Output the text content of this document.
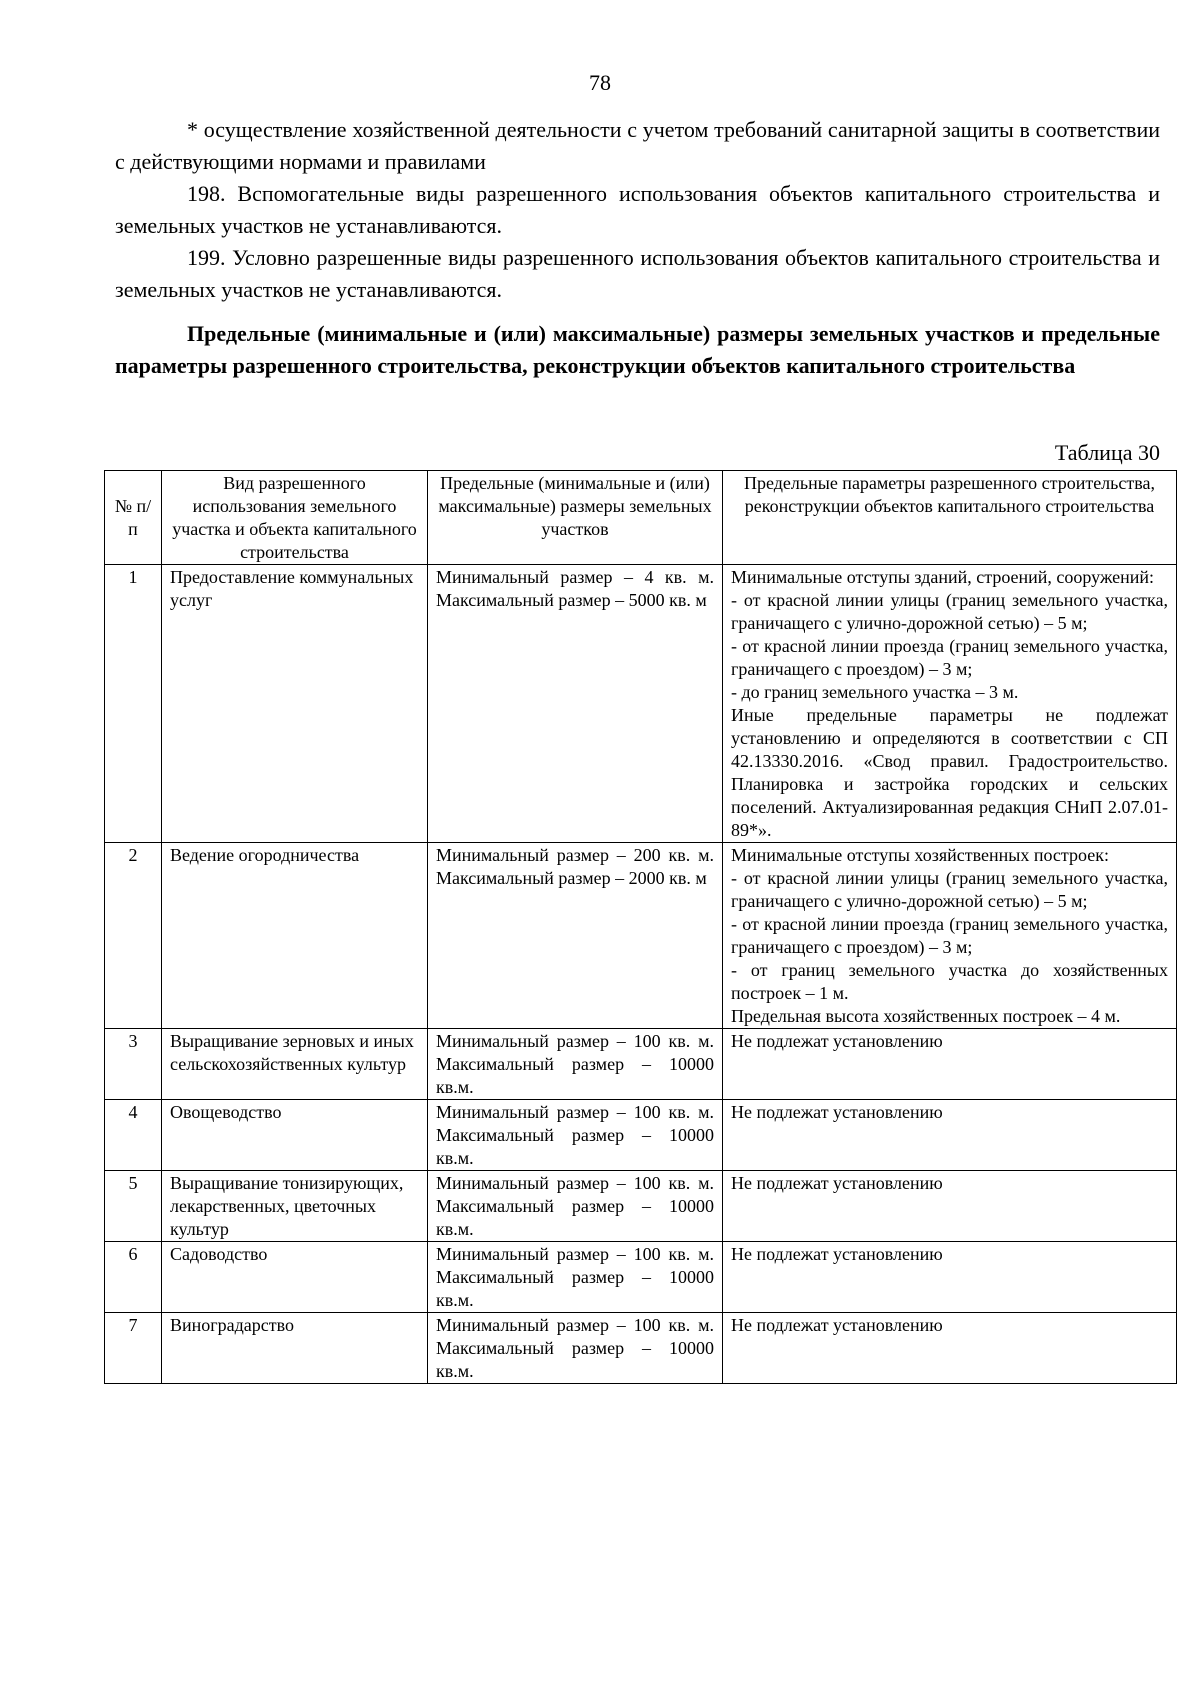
78

* осуществление хозяйственной деятельности с учетом требований санитарной защиты в соответствии с действующими нормами и правилами

198. Вспомогательные виды разрешенного использования объектов капитального строительства и земельных участков не устанавливаются.

199. Условно разрешенные виды разрешенного использования объектов капитального строительства и земельных участков не устанавливаются.

Предельные (минимальные и (или) максимальные) размеры земельных участков и предельные параметры разрешенного строительства, реконструкции объектов капитального строительства

Таблица 30
№ п/п	Вид разрешенного использования земельного участка и объекта капитального строительства	Предельные (минимальные и (или) максимальные) размеры земельных участков	Предельные параметры разрешенного строительства, реконструкции объектов капитального строительства
1	Предоставление коммунальных услуг	Минимальный размер – 4 кв. м. Максимальный размер – 5000 кв. м	Минимальные отступы зданий, строений, сооружений:
- от красной линии улицы (границ земельного участка, граничащего с улично-дорожной сетью) – 5 м;
- от красной линии проезда (границ земельного участка, граничащего с проездом) – 3 м;
- до границ земельного участка – 3 м.
Иные предельные параметры не подлежат установлению и определяются в соответствии с СП 42.13330.2016. «Свод правил. Градостроительство. Планировка и застройка городских и сельских поселений. Актуализированная редакция СНиП 2.07.01-89*».

2	Ведение огородничества	Минимальный размер – 200 кв. м. Максимальный размер – 2000 кв. м	Минимальные отступы хозяйственных построек:
- от красной линии улицы (границ земельного участка, граничащего с улично-дорожной сетью) – 5 м;
- от красной линии проезда (границ земельного участка, граничащего с проездом) – 3 м;
- от границ земельного участка до хозяйственных построек – 1 м.
Предельная высота хозяйственных построек – 4 м.

3	Выращивание зерновых и иных сельскохозяйственных культур	Минимальный размер – 100 кв. м. Максимальный размер – 10000 кв.м.	Не подлежат установлению

4	Овощеводство	Минимальный размер – 100 кв. м. Максимальный размер – 10000 кв.м.	Не подлежат установлению

5	Выращивание тонизирующих, лекарственных, цветочных культур	Минимальный размер – 100 кв. м. Максимальный размер – 10000 кв.м.	Не подлежат установлению

6	Садоводство	Минимальный размер – 100 кв. м. Максимальный размер – 10000 кв.м.	Не подлежат установлению

7	Виноградарство	Минимальный размер – 100 кв. м. Максимальный размер – 10000 кв.м.	Не подлежат установлению
